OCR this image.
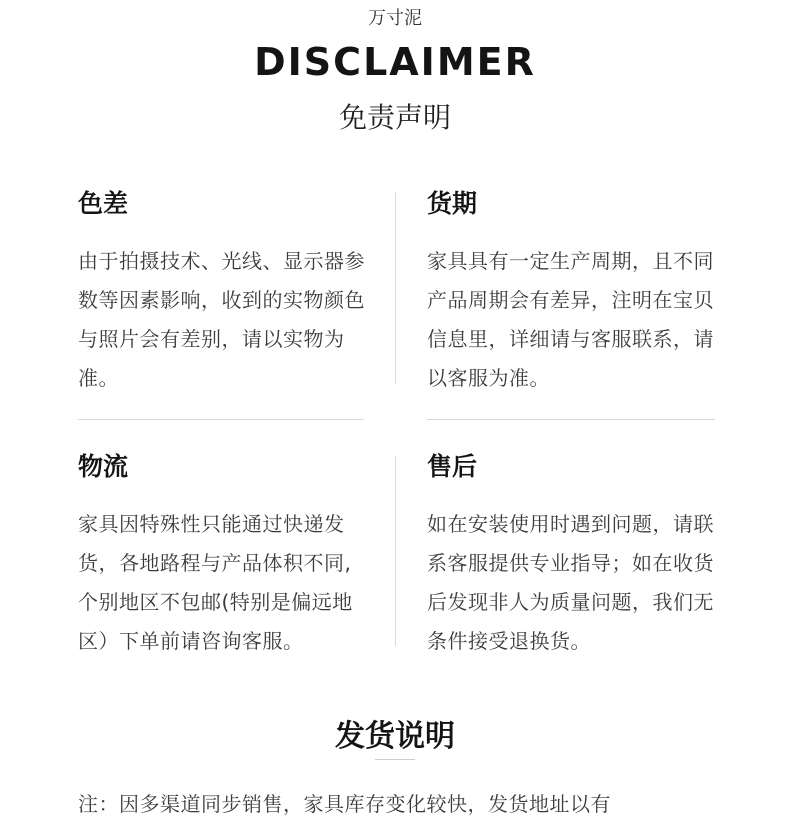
万寸泥
DISCLAIMER
免责声明
色差

由于拍摄技术、光线、显示器参数等因素影响，收到的实物颜色与照片会有差别，请以实物为准。

货期

家具具有一定生产周期，且不同产品周期会有差异，注明在宝贝信息里，详细请与客服联系，请以客服为准。

物流

家具因特殊性只能通过快递发货，各地路程与产品体积不同,个别地区不包邮(特别是偏远地区）下单前请咨询客服。

售后

如在安装使用时遇到问题，请联系客服提供专业指导；如在收货后发现非人为质量问题，我们无条件接受退换货。

发货说明
注：因多渠道同步销售，家具库存变化较快，发货地址以有
